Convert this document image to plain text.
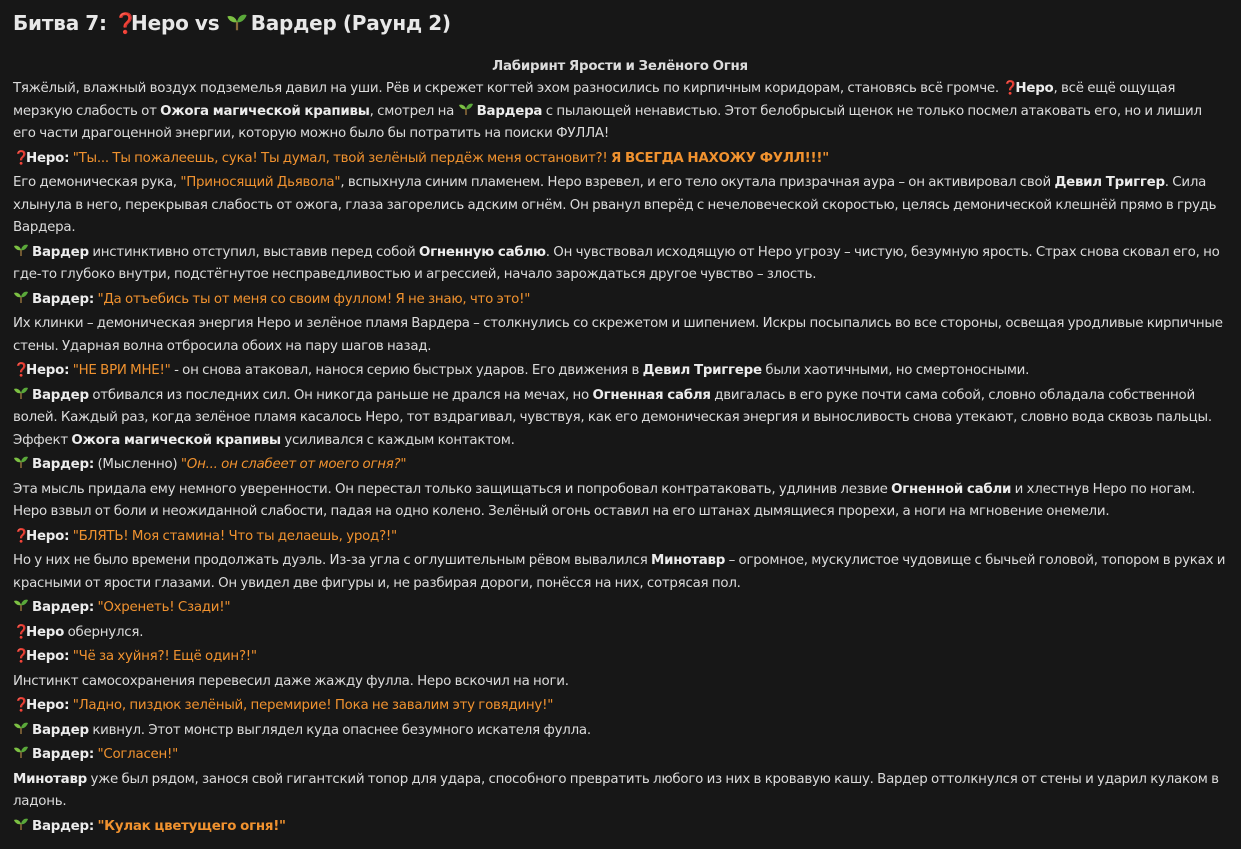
Битва 7: ❓Неро vs Вардер (Раунд 2)
Лабиринт Ярости и Зелёного Огня

Тяжёлый, влажный воздух подземелья давил на уши. Рёв и скрежет когтей эхом разносились по кирпичным коридорам, становясь всё громче. ❓Неро, всё ещё ощущая мерзкую слабость от Ожога магической крапивы, смотрел на Вардера с пылающей ненавистью. Этот белобрысый щенок не только посмел атаковать его, но и лишил его части драгоценной энергии, которую можно было бы потратить на поиски ФУЛЛА!

❓Неро: "Ты... Ты пожалеешь, сука! Ты думал, твой зелёный пердёж меня остановит?! Я ВСЕГДА НАХОЖУ ФУЛЛ!!!"

Его демоническая рука, "Приносящий Дьявола", вспыхнула синим пламенем. Неро взревел, и его тело окутала призрачная аура – он активировал свой Девил Триггер. Сила хлынула в него, перекрывая слабость от ожога, глаза загорелись адским огнём. Он рванул вперёд с нечеловеческой скоростью, целясь демонической клешнёй прямо в грудь Вардера.

Вардер инстинктивно отступил, выставив перед собой Огненную саблю. Он чувствовал исходящую от Неро угрозу – чистую, безумную ярость. Страх снова сковал его, но где-то глубоко внутри, подстёгнутое несправедливостью и агрессией, начало зарождаться другое чувство – злость.

Вардер: "Да отъебись ты от меня со своим фуллом! Я не знаю, что это!"

Их клинки – демоническая энергия Неро и зелёное пламя Вардера – столкнулись со скрежетом и шипением. Искры посыпались во все стороны, освещая уродливые кирпичные стены. Ударная волна отбросила обоих на пару шагов назад.

❓Неро: "НЕ ВРИ МНЕ!" - он снова атаковал, нанося серию быстрых ударов. Его движения в Девил Триггере были хаотичными, но смертоносными.

Вардер отбивался из последних сил. Он никогда раньше не дрался на мечах, но Огненная сабля двигалась в его руке почти сама собой, словно обладала собственной волей. Каждый раз, когда зелёное пламя касалось Неро, тот вздрагивал, чувствуя, как его демоническая энергия и выносливость снова утекают, словно вода сквозь пальцы. Эффект Ожога магической крапивы усиливался с каждым контактом.

Вардер: (Мысленно) "Он... он слабеет от моего огня?"

Эта мысль придала ему немного уверенности. Он перестал только защищаться и попробовал контратаковать, удлинив лезвие Огненной сабли и хлестнув Неро по ногам. Неро взвыл от боли и неожиданной слабости, падая на одно колено. Зелёный огонь оставил на его штанах дымящиеся прорехи, а ноги на мгновение онемели.

❓Неро: "БЛЯТЬ! Моя стамина! Что ты делаешь, урод?!"

Но у них не было времени продолжать дуэль. Из-за угла с оглушительным рёвом вывалился Минотавр – огромное, мускулистое чудовище с бычьей головой, топором в руках и красными от ярости глазами. Он увидел две фигуры и, не разбирая дороги, понёсся на них, сотрясая пол.

Вардер: "Охренеть! Сзади!"

❓Неро обернулся.

❓Неро: "Чё за хуйня?! Ещё один?!"

Инстинкт самосохранения перевесил даже жажду фулла. Неро вскочил на ноги.

❓Неро: "Ладно, пиздюк зелёный, перемирие! Пока не завалим эту говядину!"

Вардер кивнул. Этот монстр выглядел куда опаснее безумного искателя фулла.

Вардер: "Согласен!"

Минотавр уже был рядом, занося свой гигантский топор для удара, способного превратить любого из них в кровавую кашу. Вардер оттолкнулся от стены и ударил кулаком в ладонь.

Вардер: "Кулак цветущего огня!"
